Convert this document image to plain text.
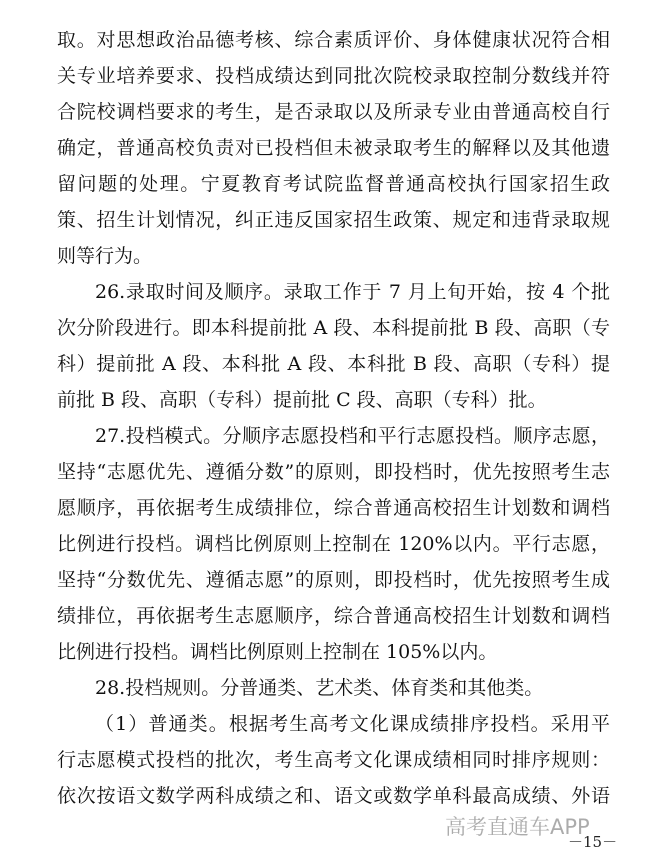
取。对思想政治品德考核、综合素质评价、身体健康状况符合相
关专业培养要求、投档成绩达到同批次院校录取控制分数线并符
合院校调档要求的考生，是否录取以及所录专业由普通高校自行
确定，普通高校负责对已投档但未被录取考生的解释以及其他遗
留问题的处理。宁夏教育考试院监督普通高校执行国家招生政
策、招生计划情况，纠正违反国家招生政策、规定和违背录取规
则等行为。
26.录取时间及顺序。录取工作于 7 月上旬开始，按 4 个批
次分阶段进行。即本科提前批 A 段、本科提前批 B 段、高职（专
科）提前批 A 段、本科批 A 段、本科批 B 段、高职（专科）提
前批 B 段、高职（专科）提前批 C 段、高职（专科）批。
27.投档模式。分顺序志愿投档和平行志愿投档。顺序志愿，
坚持“志愿优先、遵循分数”的原则，即投档时，优先按照考生志
愿顺序，再依据考生成绩排位，综合普通高校招生计划数和调档
比例进行投档。调档比例原则上控制在 120%以内。平行志愿，
坚持“分数优先、遵循志愿”的原则，即投档时，优先按照考生成
绩排位，再依据考生志愿顺序，综合普通高校招生计划数和调档
比例进行投档。调档比例原则上控制在 105%以内。
28.投档规则。分普通类、艺术类、体育类和其他类。
（1）普通类。根据考生高考文化课成绩排序投档。采用平
行志愿模式投档的批次，考生高考文化课成绩相同时排序规则：
依次按语文数学两科成绩之和、语文或数学单科最高成绩、外语
高考直通车APP
－15－
